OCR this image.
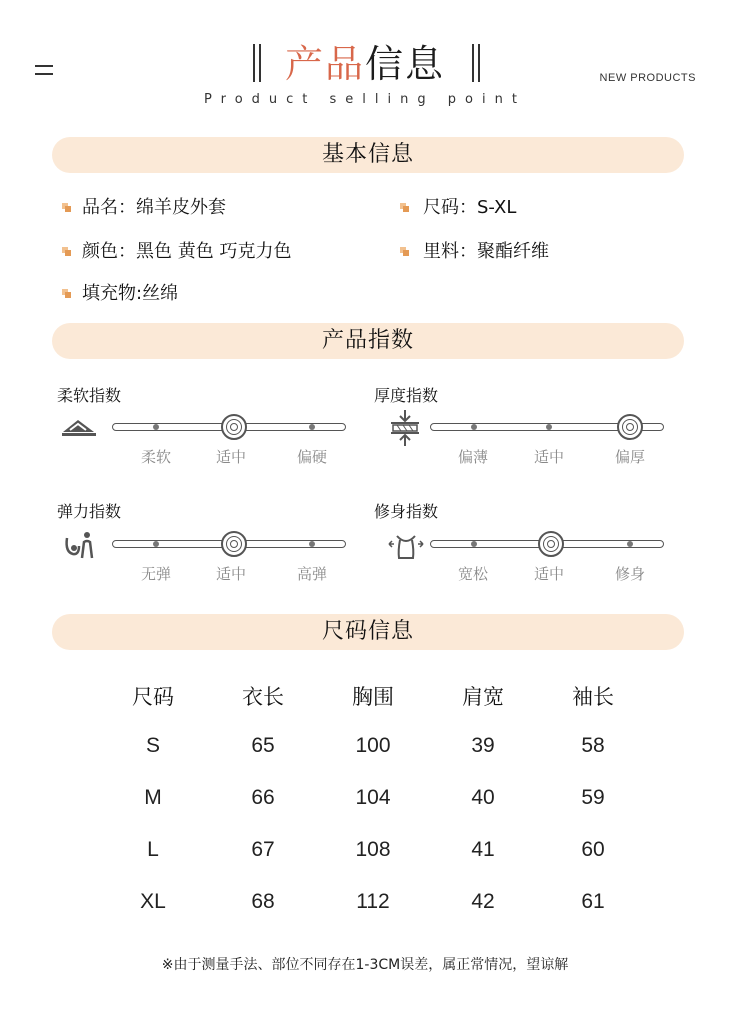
产品信息
Product selling point
NEW PRODUCTS
基本信息
品名：绵羊皮外套	尺码：S-XL
颜色：黑色 黄色 巧克力色	里料：聚酯纤维
填充物:丝绵
产品指数
柔软指数
柔软	适中	偏硬
厚度指数
偏薄	适中	偏厚
弹力指数
无弹	适中	高弹
修身指数
宽松	适中	修身
尺码信息
尺码	衣长	胸围	肩宽	袖长
S	65	100	39	58
M	66	104	40	59
L	67	108	41	60
XL	68	112	42	61
※由于测量手法、部位不同存在1-3CM误差，属正常情况，望谅解
